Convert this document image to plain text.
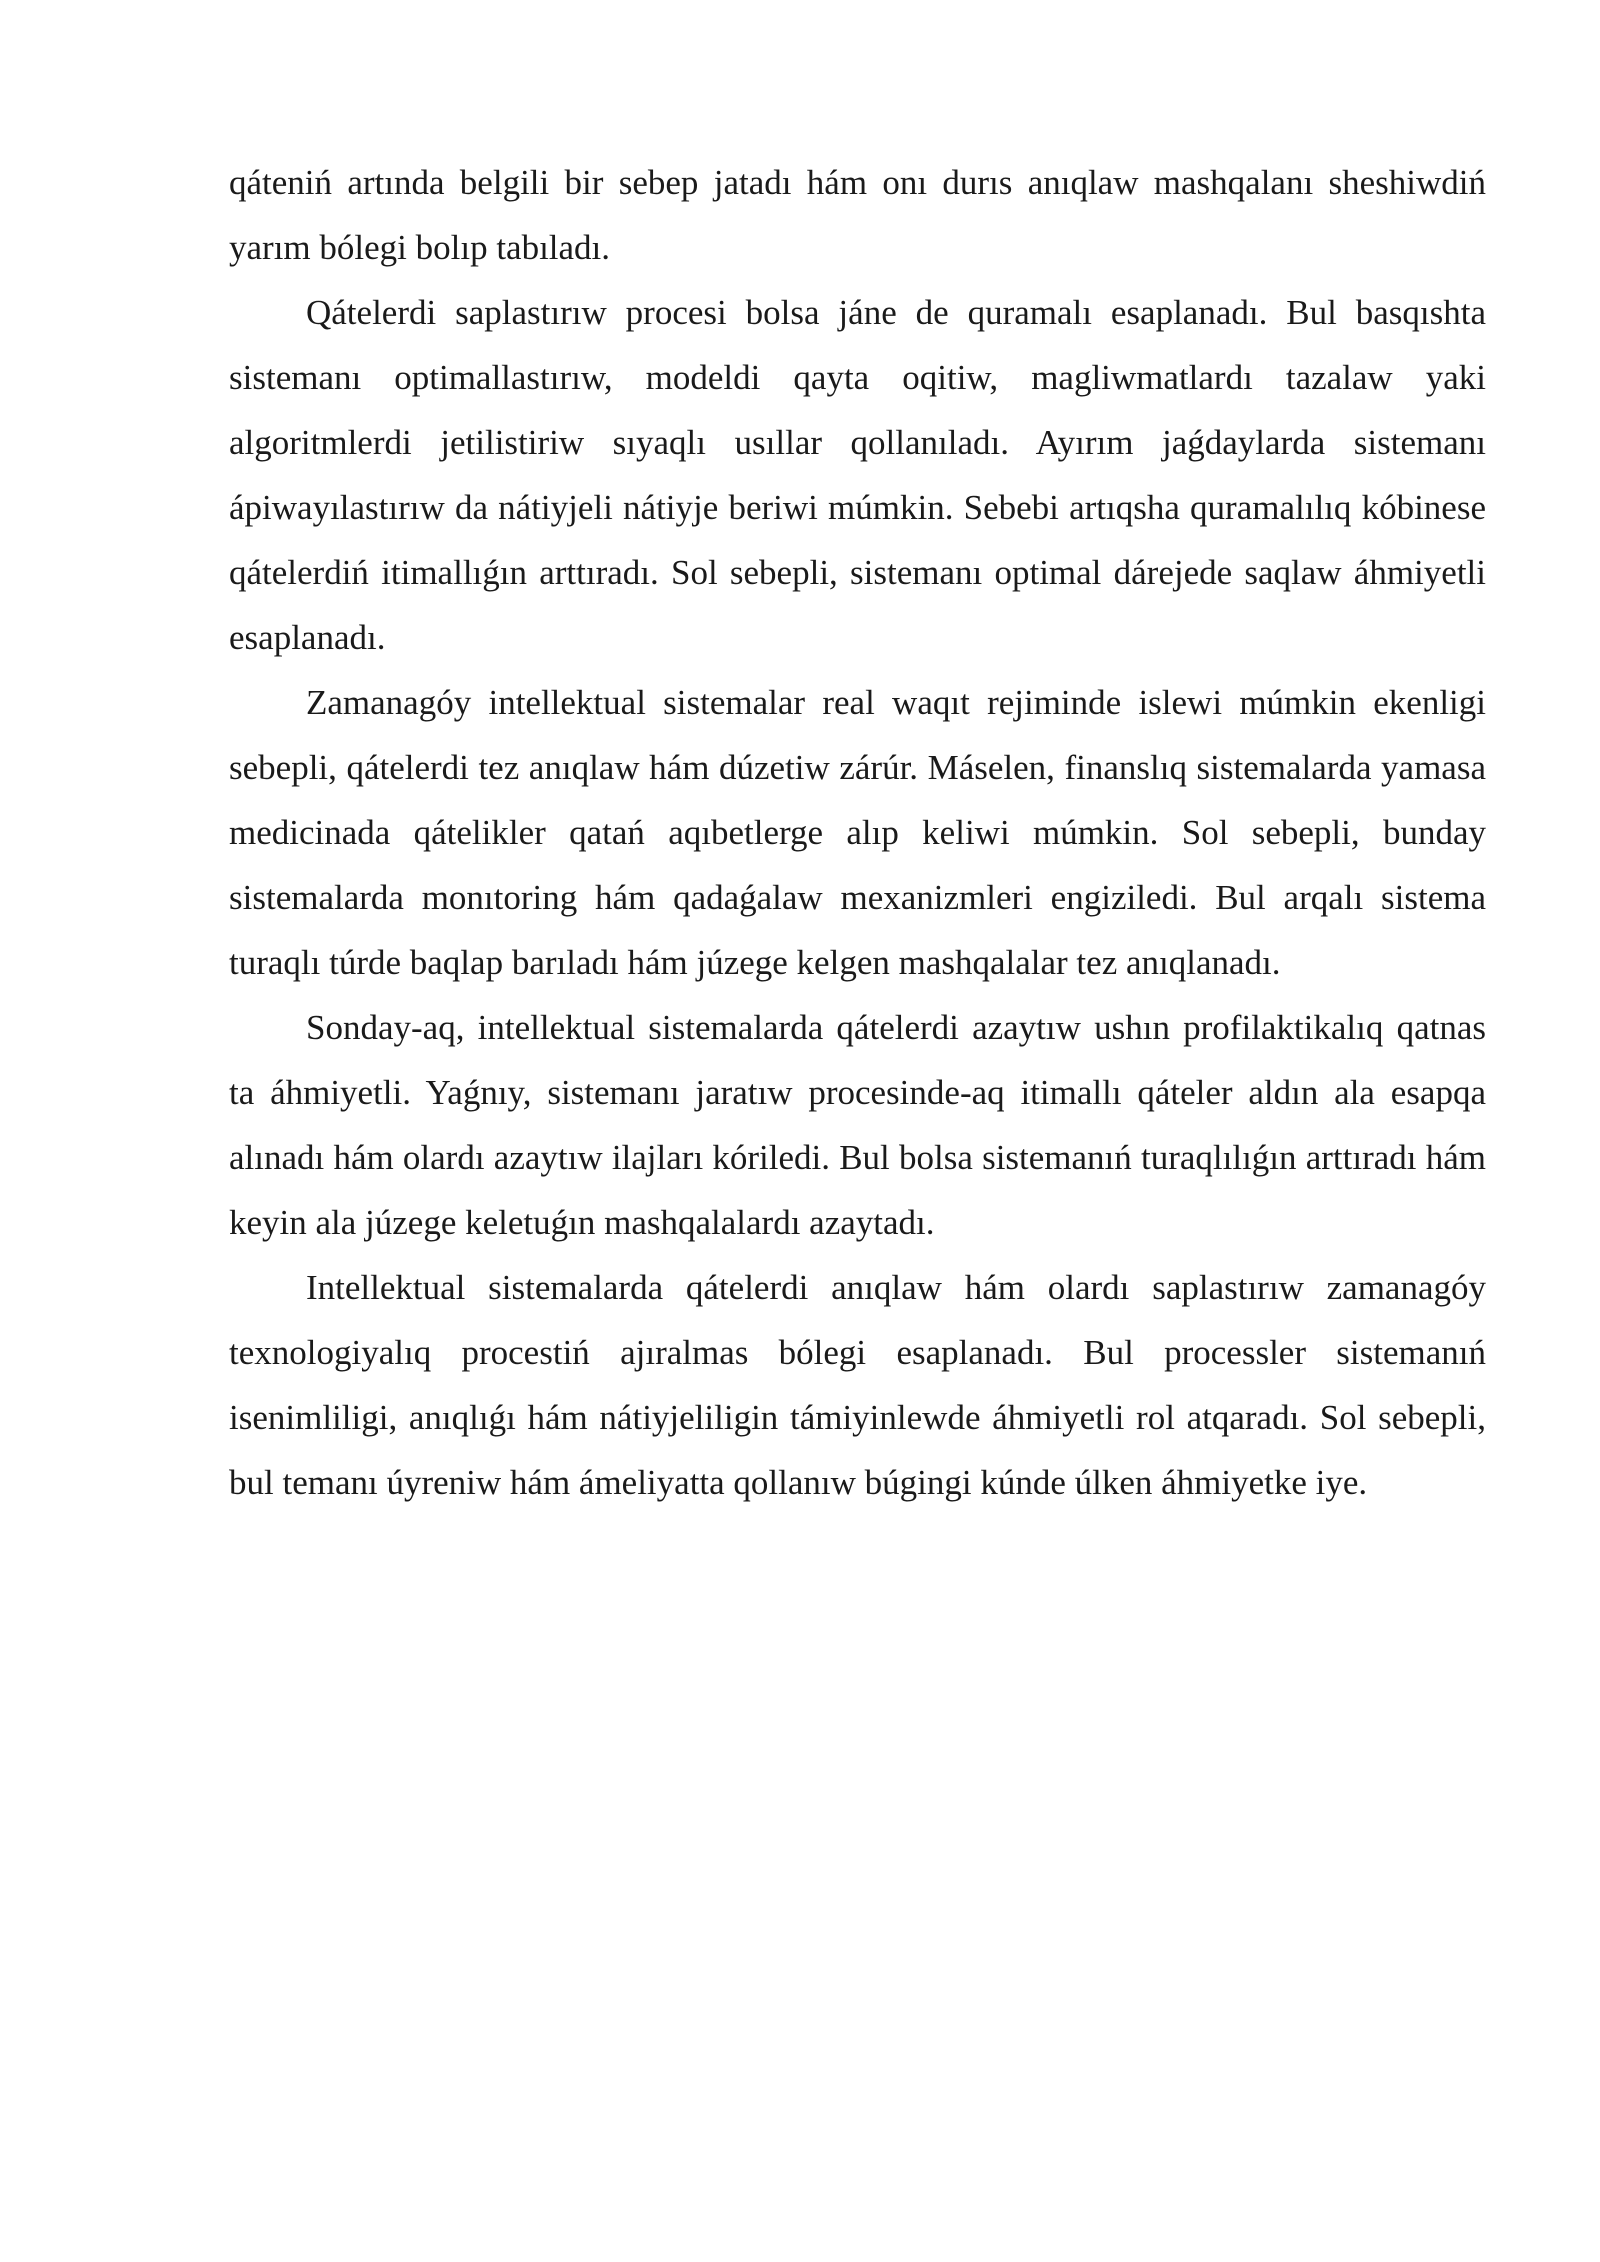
qáteniń artında belgili bir sebep jatadı hám onı durıs anıqlaw mashqalanı sheshiwdiń yarım bólegi bolıp tabıladı.

Qátelerdi saplastırıw procesi bolsa jáne de quramalı esaplanadı. Bul basqıshta sistemanı optimallastırıw, modeldi qayta oqitiw, magliwmatlardı tazalaw yaki algoritmlerdi jetilistiriw sıyaqlı usıllar qollanıladı. Ayırım jaǵdaylarda sistemanı ápiwayılastırıw da nátiyjeli nátiyje beriwi múmkin. Sebebi artıqsha quramalılıq kóbinese qátelerdiń itimallıǵın arttıradı. Sol sebepli, sistemanı optimal dárejede saqlaw áhmiyetli esaplanadı.

Zamanagóy intellektual sistemalar real waqıt rejiminde islewi múmkin ekenligi sebepli, qátelerdi tez anıqlaw hám dúzetiw zárúr. Máselen, finanslıq sistemalarda yamasa medicinada qátelikler qatań aqıbetlerge alıp keliwi múmkin. Sol sebepli, bunday sistemalarda monıtoring hám qadaǵalaw mexanizmleri engiziledi. Bul arqalı sistema turaqlı túrde baqlap barıladı hám júzege kelgen mashqalalar tez anıqlanadı.

Sonday-aq, intellektual sistemalarda qátelerdi azaytıw ushın profilaktikalıq qatnas ta áhmiyetli. Yaǵnıy, sistemanı jaratıw procesinde-aq itimallı qáteler aldın ala esapqa alınadı hám olardı azaytıw ilajları kóriledi. Bul bolsa sistemanıń turaqlılıǵın arttıradı hám keyin ala júzege keletuǵın mashqalalardı azaytadı.

Intellektual sistemalarda qátelerdi anıqlaw hám olardı saplastırıw zamanagóy texnologiyalıq procestiń ajıralmas bólegi esaplanadı. Bul processler sistemanıń isenimliligi, anıqlıǵı hám nátiyjeliligin támiyinlewde áhmiyetli rol atqaradı. Sol sebepli, bul temanı úyreniw hám ámeliyatta qollanıw búgingi kúnde úlken áhmiyetke iye.
